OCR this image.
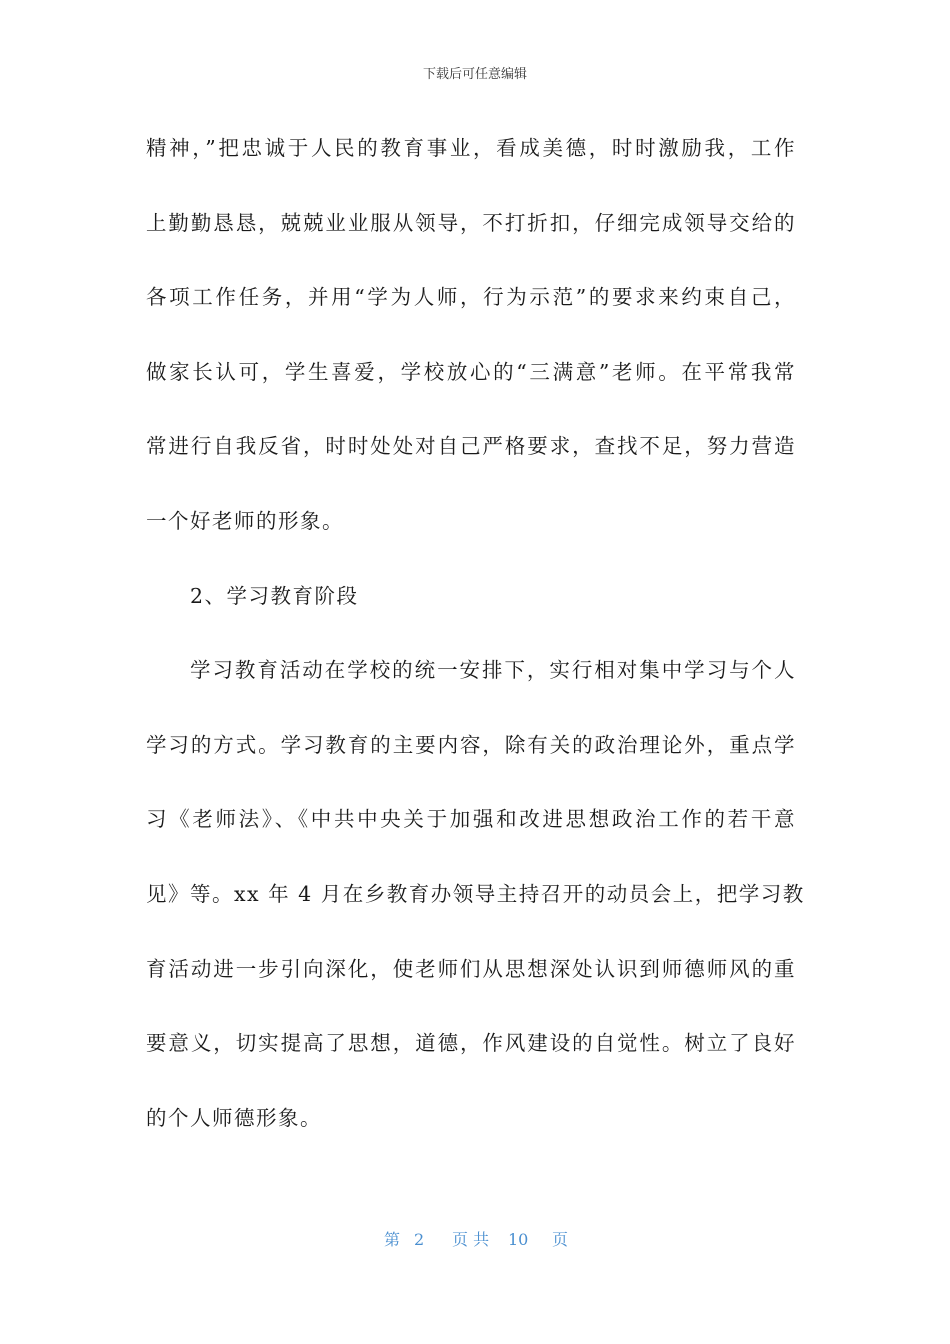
下载后可任意编辑
精神，”把忠诚于人民的教育事业，看成美德，时时激励我，工作
上勤勤恳恳，兢兢业业服从领导，不打折扣，仔细完成领导交给的
各项工作任务，并用“学为人师，行为示范”的要求来约束自己，
做家长认可，学生喜爱，学校放心的“三满意”老师。在平常我常
常进行自我反省，时时处处对自己严格要求，查找不足，努力营造
一个好老师的形象。
2、学习教育阶段
学习教育活动在学校的统一安排下，实行相对集中学习与个人
学习的方式。学习教育的主要内容，除有关的政治理论外，重点学
习《老师法》、《中共中央关于加强和改进思想政治工作的若干意
见》等。xx 年 4 月在乡教育办领导主持召开的动员会上，把学习教
育活动进一步引向深化，使老师们从思想深处认识到师德师风的重
要意义，切实提高了思想，道德，作风建设的自觉性。树立了良好
的个人师德形象。
第 2 页 共 10 页
